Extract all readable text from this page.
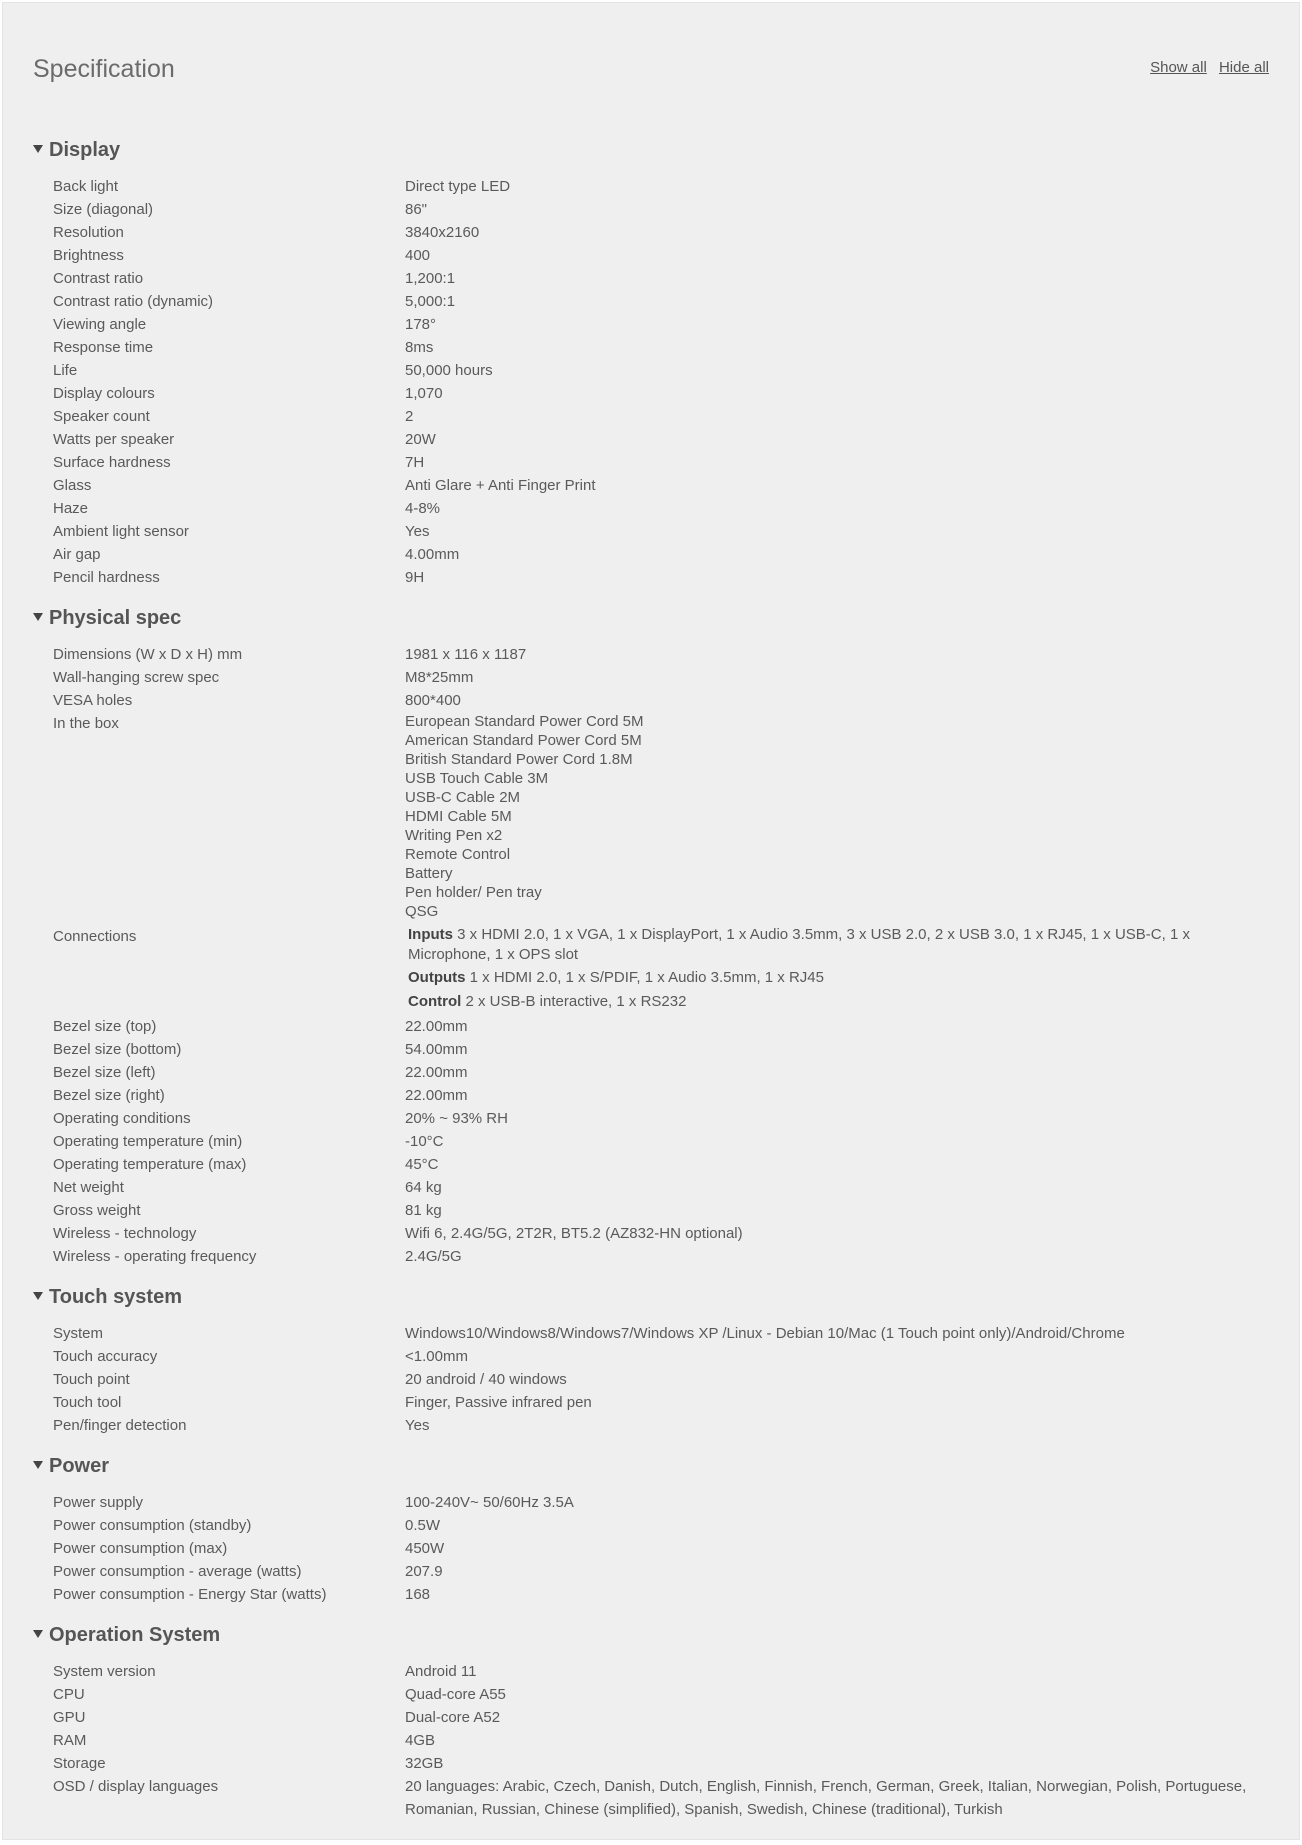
Specification	Show all Hide all
Display
Back light	Direct type LED
Size (diagonal)	86"
Resolution	3840x2160
Brightness	400
Contrast ratio	1,200:1
Contrast ratio (dynamic)	5,000:1
Viewing angle	178°
Response time	8ms
Life	50,000 hours
Display colours	1,070
Speaker count	2
Watts per speaker	20W
Surface hardness	7H
Glass	Anti Glare + Anti Finger Print
Haze	4-8%
Ambient light sensor	Yes
Air gap	4.00mm
Pencil hardness	9H
Physical spec
Dimensions (W x D x H) mm	1981 x 116 x 1187
Wall-hanging screw spec	M8*25mm
VESA holes	800*400
In the box	European Standard Power Cord 5M
American Standard Power Cord 5M
British Standard Power Cord 1.8M
USB Touch Cable 3M
USB-C Cable 2M
HDMI Cable 5M
Writing Pen x2
Remote Control
Battery
Pen holder/ Pen tray
QSG
Connections	Inputs 3 x HDMI 2.0, 1 x VGA, 1 x DisplayPort, 1 x Audio 3.5mm, 3 x USB 2.0, 2 x USB 3.0, 1 x RJ45, 1 x USB-C, 1 x Microphone, 1 x OPS slot
Outputs 1 x HDMI 2.0, 1 x S/PDIF, 1 x Audio 3.5mm, 1 x RJ45
Control 2 x USB-B interactive, 1 x RS232
Bezel size (top)	22.00mm
Bezel size (bottom)	54.00mm
Bezel size (left)	22.00mm
Bezel size (right)	22.00mm
Operating conditions	20% ~ 93% RH
Operating temperature (min)	-10°C
Operating temperature (max)	45°C
Net weight	64 kg
Gross weight	81 kg
Wireless - technology	Wifi 6, 2.4G/5G, 2T2R, BT5.2 (AZ832-HN optional)
Wireless - operating frequency	2.4G/5G
Touch system
System	Windows10/Windows8/Windows7/Windows XP /Linux - Debian 10/Mac (1 Touch point only)/Android/Chrome
Touch accuracy	<1.00mm
Touch point	20 android / 40 windows
Touch tool	Finger, Passive infrared pen
Pen/finger detection	Yes
Power
Power supply	100-240V~ 50/60Hz 3.5A
Power consumption (standby)	0.5W
Power consumption (max)	450W
Power consumption - average (watts)	207.9
Power consumption - Energy Star (watts)	168
Operation System
System version	Android 11
CPU	Quad-core A55
GPU	Dual-core A52
RAM	4GB
Storage	32GB
OSD / display languages	20 languages: Arabic, Czech, Danish, Dutch, English, Finnish, French, German, Greek, Italian, Norwegian, Polish, Portuguese, Romanian, Russian, Chinese (simplified), Spanish, Swedish, Chinese (traditional), Turkish
